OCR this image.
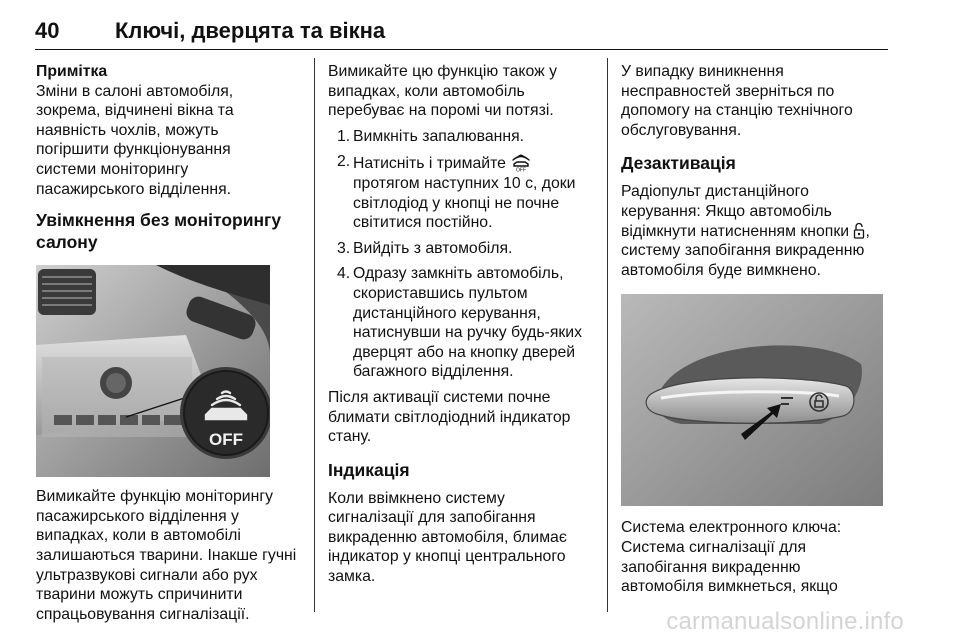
40	Ключі, дверцята та вікна
Примітка
Зміни в салоні автомобіля,
зокрема, відчинені вікна та
наявність чохлів, можуть
погіршити функціонування
системи моніторингу
пасажирського відділення.
Увімкнення без моніторингу
салону
OFF
Вимикайте функцію моніторингу
пасажирського відділення у
випадках, коли в автомобілі
залишаються тварини. Інакше гучні
ультразвукові сигнали або рух
тварини можуть спричинити
спрацьовування сигналізації.
Вимикайте цю функцію також у
випадках, коли автомобіль
перебуває на поромі чи потязі.
1. Вимкніть запалювання.
2. Натисніть і тримайте OFF
протягом наступних 10 с, доки
світлодіод у кнопці не почне
світитися постійно.
3. Вийдіть з автомобіля.
4. Одразу замкніть автомобіль,
скориставшись пультом
дистанційного керування,
натиснувши на ручку будь-яких
дверцят або на кнопку дверей
багажного відділення.
Після активації системи почне
блимати світлодіодний індикатор
стану.
Індикація
Коли ввімкнено систему
сигналізації для запобігання
викраденню автомобіля, блимає
індикатор у кнопці центрального
замка.
У випадку виникнення
несправностей зверніться по
допомогу на станцію технічного
обслуговування.
Дезактивація
Радіопульт дистанційного
керування: Якщо автомобіль
відімкнути натисненням кнопки ,
систему запобігання викраденню
автомобіля буде вимкнено.
Система електронного ключа:
Система сигналізації для
запобігання викраденню
автомобіля вимкнеться, якщо
carmanualsonline.info
